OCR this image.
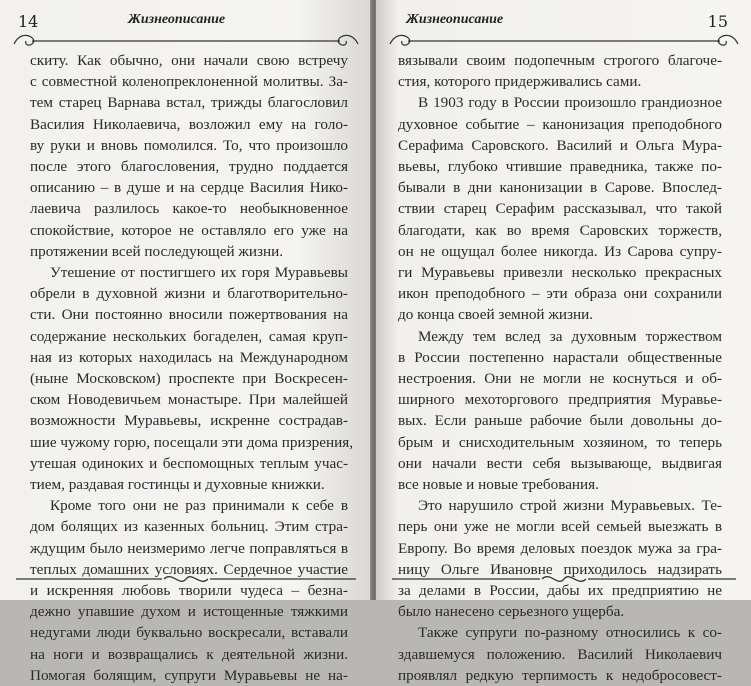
14	Жизнеописание
скиту. Как обычно, они начали свою встречу
с совместной коленопреклоненной молитвы. За-
тем старец Варнава встал, трижды благословил
Василия Николаевича, возложил ему на голо-
ву руки и вновь помолился. То, что произошло
после этого благословения, трудно поддается
описанию – в душе и на сердце Василия Нико-
лаевича разлилось какое-то необыкновенное
спокойствие, которое не оставляло его уже на
протяжении всей последующей жизни.
Утешение от постигшего их горя Муравьевы
обрели в духовной жизни и благотворительно-
сти. Они постоянно вносили пожертвования на
содержание нескольких богаделен, самая круп-
ная из которых находилась на Международном
(ныне Московском) проспекте при Воскресен-
ском Новодевичьем монастыре. При малейшей
возможности Муравьевы, искренне сострадав-
шие чужому горю, посещали эти дома призрения,
утешая одиноких и беспомощных теплым учас-
тием, раздавая гостинцы и духовные книжки.
Кроме того они не раз принимали к себе в
дом болящих из казенных больниц. Этим стра-
ждущим было неизмеримо легче поправляться в
теплых домашних условиях. Сердечное участие
и искренняя любовь творили чудеса – безна-
дежно упавшие духом и истощенные тяжкими
недугами люди буквально воскресали, вставали
на ноги и возвращались к деятельной жизни.
Помогая болящим, супруги Муравьевы не на-
Жизнеописание	15
вязывали своим подопечным строгого благоче-
стия, которого придерживались сами.
В 1903 году в России произошло грандиозное
духовное событие – канонизация преподобного
Серафима Саровского. Василий и Ольга Мура-
вьевы, глубоко чтившие праведника, также по-
бывали в дни канонизации в Сарове. Впослед-
ствии старец Серафим рассказывал, что такой
благодати, как во время Саровских торжеств,
он не ощущал более никогда. Из Сарова супру-
ги Муравьевы привезли несколько прекрасных
икон преподобного – эти образа они сохранили
до конца своей земной жизни.
Между тем вслед за духовным торжеством
в России постепенно нарастали общественные
нестроения. Они не могли не коснуться и об-
ширного мехоторгового предприятия Муравье-
вых. Если раньше рабочие были довольны до-
брым и снисходительным хозяином, то теперь
они начали вести себя вызывающе, выдвигая
все новые и новые требования.
Это нарушило строй жизни Муравьевых. Те-
перь они уже не могли всей семьей выезжать в
Европу. Во время деловых поездок мужа за гра-
ницу Ольге Ивановне приходилось надзирать
за делами в России, дабы их предприятию не
было нанесено серьезного ущерба.
Также супруги по-разному относились к со-
здавшемуся положению. Василий Николаевич
проявлял редкую терпимость к недобросовест-
